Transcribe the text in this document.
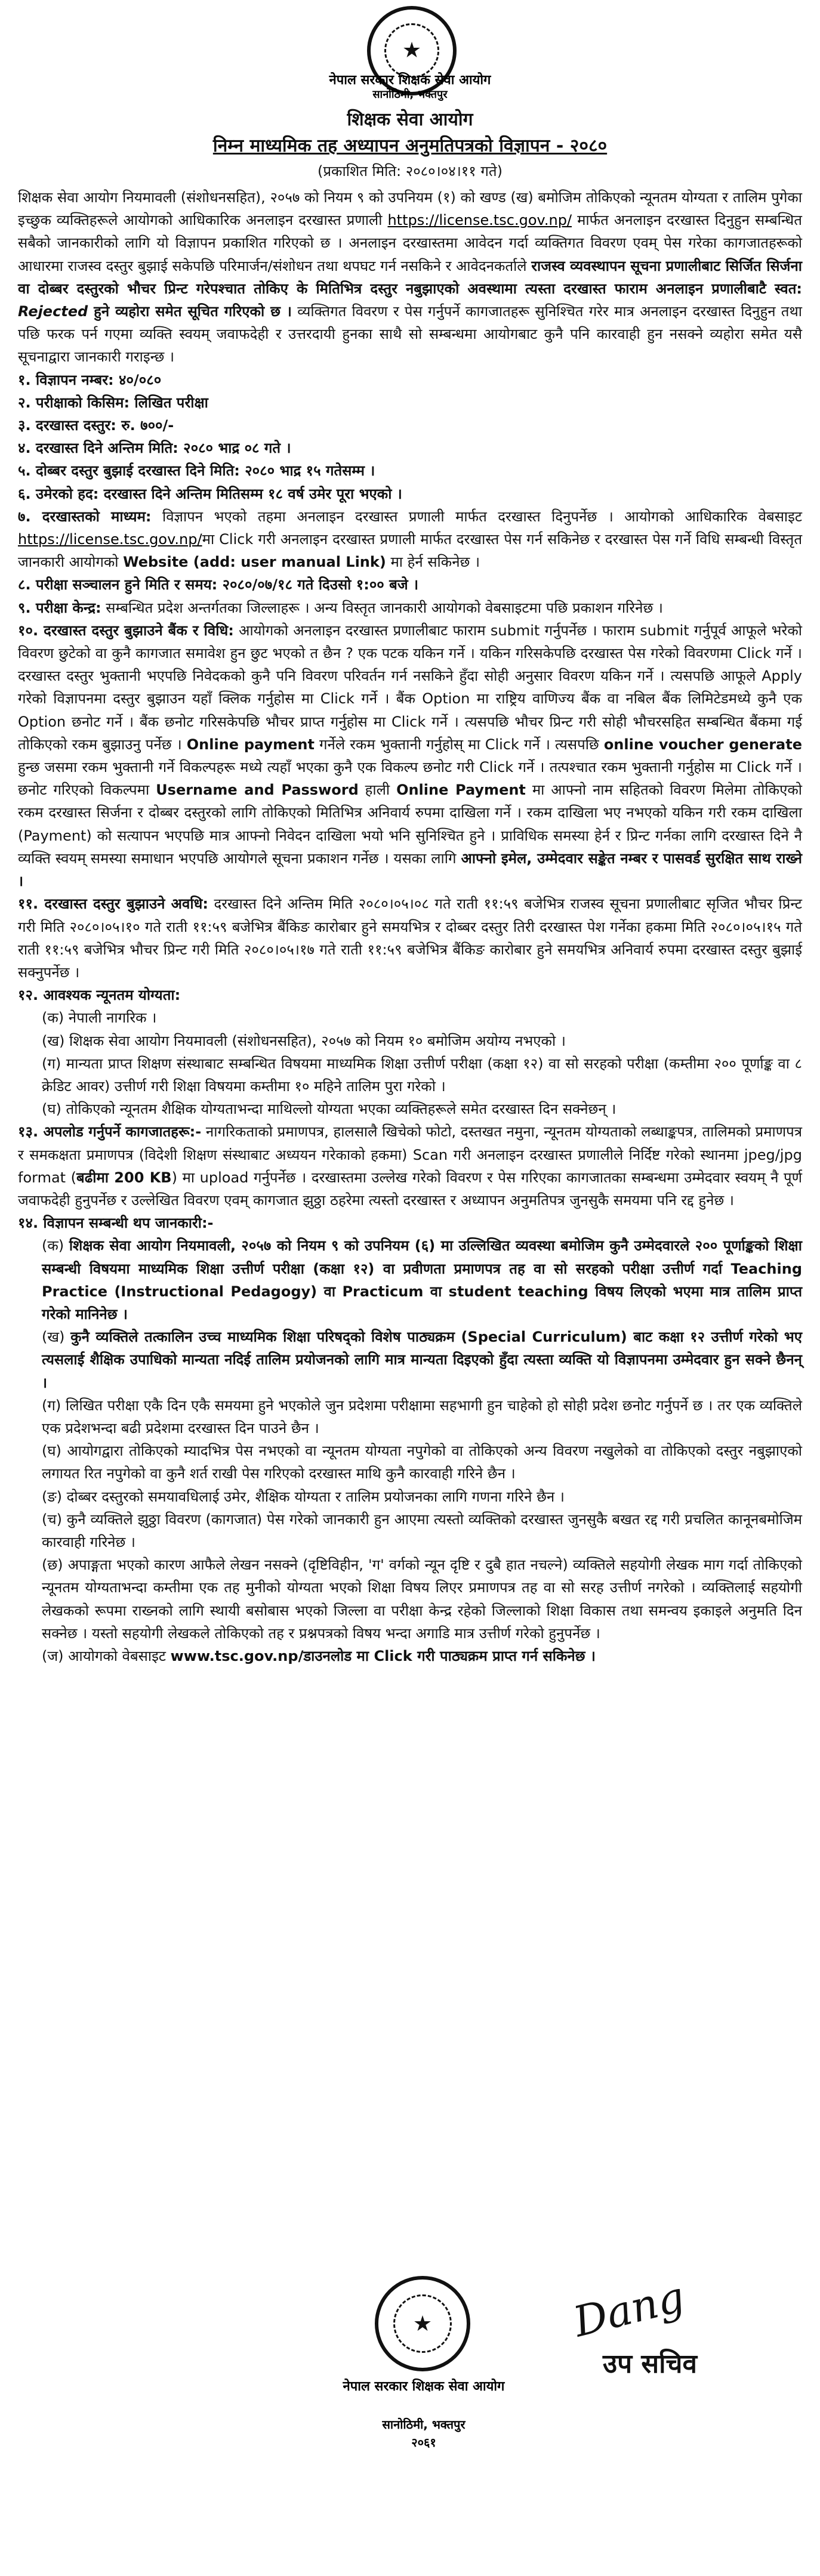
★
नेपाल सरकार शिक्षक सेवा आयोग
सानोठिमी, भक्तपुर
शिक्षक सेवा आयोग
निम्न माध्यमिक तह अध्यापन अनुमतिपत्रको विज्ञापन - २०८०
(प्रकाशित मिति: २०८०।०४।११ गते)

शिक्षक सेवा आयोग नियमावली (संशोधनसहित), २०५७ को नियम ९ को उपनियम (१) को खण्ड (ख) बमोजिम तोकिएको न्यूनतम योग्यता र तालिम पुगेका इच्छुक व्यक्तिहरूले आयोगको आधिकारिक अनलाइन दरखास्त प्रणाली https://license.tsc.gov.np/ मार्फत अनलाइन दरखास्त दिनुहुन सम्बन्धित सबैको जानकारीको लागि यो विज्ञापन प्रकाशित गरिएको छ । अनलाइन दरखास्तमा आवेदन गर्दा व्यक्तिगत विवरण एवम् पेस गरेका कागजातहरूको आधारमा राजस्व दस्तुर बुझाई सकेपछि परिमार्जन/संशोधन तथा थपघट गर्न नसकिने र आवेदनकर्ताले राजस्व व्यवस्थापन सूचना प्रणालीबाट सिर्जित सिर्जना वा दोब्बर दस्तुरको भौचर प्रिन्ट गरेपश्चात तोकिए के मितिभित्र दस्तुर नबुझाएको अवस्थामा त्यस्ता दरखास्त फाराम अनलाइन प्रणालीबाटै स्वत: Rejected हुने व्यहोरा समेत सूचित गरिएको छ । व्यक्तिगत विवरण र पेस गर्नुपर्ने कागजातहरू सुनिश्चित गरेर मात्र अनलाइन दरखास्त दिनुहुन तथा पछि फरक पर्न गएमा व्यक्ति स्वयम् जवाफदेही र उत्तरदायी हुनका साथै सो सम्बन्धमा आयोगबाट कुनै पनि कारवाही हुन नसक्ने व्यहोरा समेत यसै सूचनाद्वारा जानकारी गराइन्छ ।

१. विज्ञापन नम्बर: ४०/०८०

२. परीक्षाको किसिम: लिखित परीक्षा

३. दरखास्त दस्तुर: रु. ७००/-

४. दरखास्त दिने अन्तिम मिति: २०८० भाद्र ०८ गते ।

५. दोब्बर दस्तुर बुझाई दरखास्त दिने मिति: २०८० भाद्र १५ गतेसम्म ।

६. उमेरको हद: दरखास्त दिने अन्तिम मितिसम्म १८ वर्ष उमेर पूरा भएको ।

७. दरखास्तको माध्यम: विज्ञापन भएको तहमा अनलाइन दरखास्त प्रणाली मार्फत दरखास्त दिनुपर्नेछ । आयोगको आधिकारिक वेबसाइट https://license.tsc.gov.np/मा Click गरी अनलाइन दरखास्त प्रणाली मार्फत दरखास्त पेस गर्न सकिनेछ र दरखास्त पेस गर्ने विधि सम्बन्धी विस्तृत जानकारी आयोगको Website (add: user manual Link) मा हेर्न सकिनेछ ।

८. परीक्षा सञ्चालन हुने मिति र समय: २०८०/०७/१८ गते दिउसो १:०० बजे ।

९. परीक्षा केन्द्र: सम्बन्धित प्रदेश अन्तर्गतका जिल्लाहरू । अन्य विस्तृत जानकारी आयोगको वेबसाइटमा पछि प्रकाशन गरिनेछ ।

१०. दरखास्त दस्तुर बुझाउने बैंक र विधि: आयोगको अनलाइन दरखास्त प्रणालीबाट फाराम submit गर्नुपर्नेछ । फाराम submit गर्नुपूर्व आफूले भरेको विवरण छुटेको वा कुनै कागजात समावेश हुन छुट भएको त छैन ? एक पटक यकिन गर्ने । यकिन गरिसकेपछि दरखास्त पेस गरेको विवरणमा Click गर्ने । दरखास्त दस्तुर भुक्तानी भएपछि निवेदकको कुनै पनि विवरण परिवर्तन गर्न नसकिने हुँदा सोही अनुसार विवरण यकिन गर्ने । त्यसपछि आफूले Apply गरेको विज्ञापनमा दस्तुर बुझाउन यहाँ क्लिक गर्नुहोस मा Click गर्ने । बैंक Option मा राष्ट्रिय वाणिज्य बैंक वा नबिल बैंक लिमिटेडमध्ये कुनै एक Option छनोट गर्ने । बैंक छनोट गरिसकेपछि भौचर प्राप्त गर्नुहोस मा Click गर्ने । त्यसपछि भौचर प्रिन्ट गरी सोही भौचरसहित सम्बन्धित बैंकमा गई तोकिएको रकम बुझाउनु पर्नेछ । Online payment गर्नेले रकम भुक्तानी गर्नुहोस् मा Click गर्ने । त्यसपछि online voucher generate हुन्छ जसमा रकम भुक्तानी गर्ने विकल्पहरू मध्ये त्यहाँ भएका कुनै एक विकल्प छनोट गरी Click गर्ने । तत्पश्चात रकम भुक्तानी गर्नुहोस मा Click गर्ने । छनोट गरिएको विकल्पमा Username and Password हाली Online Payment मा आफ्नो नाम सहितको विवरण मिलेमा तोकिएको रकम दरखास्त सिर्जना र दोब्बर दस्तुरको लागि तोकिएको मितिभित्र अनिवार्य रुपमा दाखिला गर्ने । रकम दाखिला भए नभएको यकिन गरी रकम दाखिला (Payment) को सत्यापन भएपछि मात्र आफ्नो निवेदन दाखिला भयो भनि सुनिश्चित हुने । प्राविधिक समस्या हेर्न र प्रिन्ट गर्नका लागि दरखास्त दिने नै व्यक्ति स्वयम् समस्या समाधान भएपछि आयोगले सूचना प्रकाशन गर्नेछ । यसका लागि आफ्नो इमेल, उम्मेदवार सङ्केत नम्बर र पासवर्ड सुरक्षित साथ राख्ने ।

११. दरखास्त दस्तुर बुझाउने अवधि: दरखास्त दिने अन्तिम मिति २०८०।०५।०८ गते राती ११:५९ बजेभित्र राजस्व सूचना प्रणालीबाट सृजित भौचर प्रिन्ट गरी मिति २०८०।०५।१० गते राती ११:५९ बजेभित्र बैंकिङ कारोबार हुने समयभित्र र दोब्बर दस्तुर तिरी दरखास्त पेश गर्नेका हकमा मिति २०८०।०५।१५ गते राती ११:५९ बजेभित्र भौचर प्रिन्ट गरी मिति २०८०।०५।१७ गते राती ११:५९ बजेभित्र बैंकिङ कारोबार हुने समयभित्र अनिवार्य रुपमा दरखास्त दस्तुर बुझाई सक्नुपर्नेछ ।

१२. आवश्यक न्यूनतम योग्यता:

(क) नेपाली नागरिक ।

(ख) शिक्षक सेवा आयोग नियमावली (संशोधनसहित), २०५७ को नियम १० बमोजिम अयोग्य नभएको ।

(ग) मान्यता प्राप्त शिक्षण संस्थाबाट सम्बन्धित विषयमा माध्यमिक शिक्षा उत्तीर्ण परीक्षा (कक्षा १२) वा सो सरहको परीक्षा (कम्तीमा २०० पूर्णाङ्क वा ८ क्रेडिट आवर) उत्तीर्ण गरी शिक्षा विषयमा कम्तीमा १० महिने तालिम पुरा गरेको ।

(घ) तोकिएको न्यूनतम शैक्षिक योग्यताभन्दा माथिल्लो योग्यता भएका व्यक्तिहरूले समेत दरखास्त दिन सक्नेछन् ।

१३. अपलोड गर्नुपर्ने कागजातहरू:- नागरिकताको प्रमाणपत्र, हालसालै खिचेको फोटो, दस्तखत नमुना, न्यूनतम योग्यताको लब्धाङ्कपत्र, तालिमको प्रमाणपत्र र समकक्षता प्रमाणपत्र (विदेशी शिक्षण संस्थाबाट अध्ययन गरेकाको हकमा) Scan गरी अनलाइन दरखास्त प्रणालीले निर्दिष्ट गरेको स्थानमा jpeg/jpg format (बढीमा 200 KB) मा upload गर्नुपर्नेछ । दरखास्तमा उल्लेख गरेको विवरण र पेस गरिएका कागजातका सम्बन्धमा उम्मेदवार स्वयम् नै पूर्ण जवाफदेही हुनुपर्नेछ र उल्लेखित विवरण एवम् कागजात झुठ्ठा ठहरेमा त्यस्तो दरखास्त र अध्यापन अनुमतिपत्र जुनसुकै समयमा पनि रद्द हुनेछ ।

१४. विज्ञापन सम्बन्धी थप जानकारी:-

(क) शिक्षक सेवा आयोग नियमावली, २०५७ को नियम ९ को उपनियम (६) मा उल्लिखित व्यवस्था बमोजिम कुनै उम्मेदवारले २०० पूर्णाङ्कको शिक्षा सम्बन्धी विषयमा माध्यमिक शिक्षा उत्तीर्ण परीक्षा (कक्षा १२) वा प्रवीणता प्रमाणपत्र तह वा सो सरहको परीक्षा उत्तीर्ण गर्दा Teaching Practice (Instructional Pedagogy) वा Practicum वा student teaching विषय लिएको भएमा मात्र तालिम प्राप्त गरेको मानिनेछ ।

(ख) कुनै व्यक्तिले तत्कालिन उच्च माध्यमिक शिक्षा परिषद्को विशेष पाठ्यक्रम (Special Curriculum) बाट कक्षा १२ उत्तीर्ण गरेको भए त्यसलाई शैक्षिक उपाधिको मान्यता नदिई तालिम प्रयोजनको लागि मात्र मान्यता दिइएको हुँदा त्यस्ता व्यक्ति यो विज्ञापनमा उम्मेदवार हुन सक्ने छैनन् ।

(ग) लिखित परीक्षा एकै दिन एकै समयमा हुने भएकोले जुन प्रदेशमा परीक्षामा सहभागी हुन चाहेको हो सोही प्रदेश छनोट गर्नुपर्ने छ । तर एक व्यक्तिले एक प्रदेशभन्दा बढी प्रदेशमा दरखास्त दिन पाउने छैन ।

(घ) आयोगद्वारा तोकिएको म्यादभित्र पेस नभएको वा न्यूनतम योग्यता नपुगेको वा तोकिएको अन्य विवरण नखुलेको वा तोकिएको दस्तुर नबुझाएको लगायत रित नपुगेको वा कुनै शर्त राखी पेस गरिएको दरखास्त माथि कुनै कारवाही गरिने छैन ।

(ङ) दोब्बर दस्तुरको समयावधिलाई उमेर, शैक्षिक योग्यता र तालिम प्रयोजनका लागि गणना गरिने छैन ।

(च) कुनै व्यक्तिले झुठ्ठा विवरण (कागजात) पेस गरेको जानकारी हुन आएमा त्यस्तो व्यक्तिको दरखास्त जुनसुकै बखत रद्द गरी प्रचलित कानूनबमोजिम कारवाही गरिनेछ ।

(छ) अपाङ्गता भएको कारण आफैले लेखन नसक्ने (दृष्टिविहीन, 'ग' वर्गको न्यून दृष्टि र दुबै हात नचल्ने) व्यक्तिले सहयोगी लेखक माग गर्दा तोकिएको न्यूनतम योग्यताभन्दा कम्तीमा एक तह मुनीको योग्यता भएको शिक्षा विषय लिएर प्रमाणपत्र तह वा सो सरह उत्तीर्ण नगरेको । व्यक्तिलाई सहयोगी लेखकको रूपमा राख्नको लागि स्थायी बसोबास भएको जिल्ला वा परीक्षा केन्द्र रहेको जिल्लाको शिक्षा विकास तथा समन्वय इकाइले अनुमति दिन सक्नेछ । यस्तो सहयोगी लेखकले तोकिएको तह र प्रश्नपत्रको विषय भन्दा अगाडि मात्र उत्तीर्ण गरेको हुनुपर्नेछ ।

(ज) आयोगको वेबसाइट www.tsc.gov.np/डाउनलोड मा Click गरी पाठ्यक्रम प्राप्त गर्न सकिनेछ ।

★
नेपाल सरकार शिक्षक सेवा आयोग
सानोठिमी, भक्तपुर
२०६१
Dang
उप सचिव
